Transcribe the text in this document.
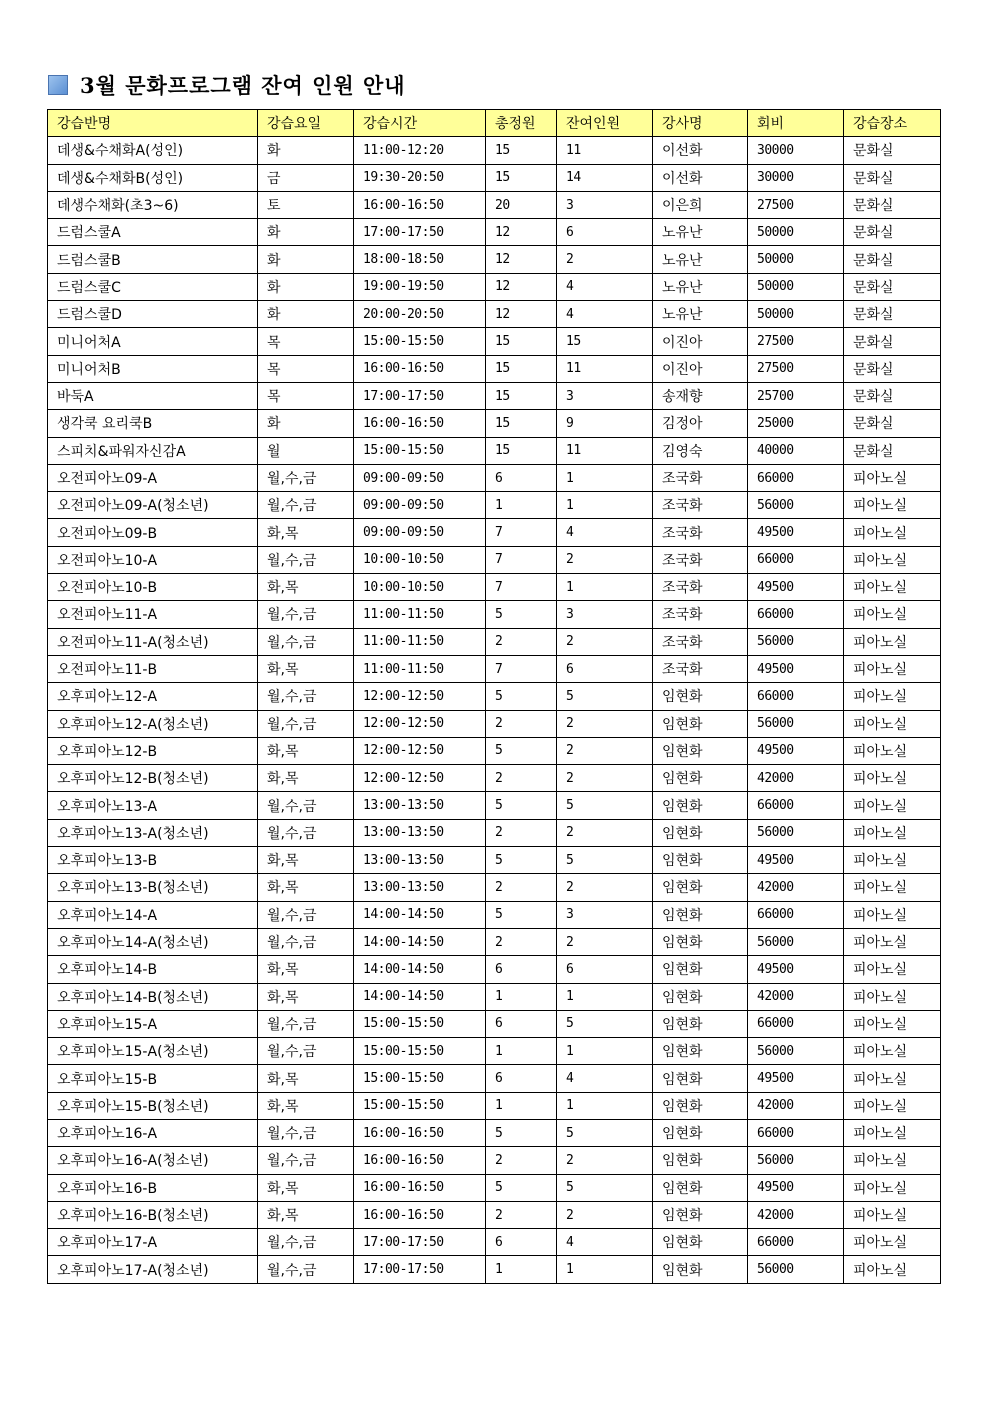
3월 문화프로그램 잔여 인원 안내
강습반명	강습요일	강습시간	총정원	잔여인원	강사명	회비	강습장소
데생&수채화A(성인)	화	11:00-12:20	15	11	이선화	30000	문화실
데생&수채화B(성인)	금	19:30-20:50	15	14	이선화	30000	문화실
데생수채화(초3~6)	토	16:00-16:50	20	3	이은희	27500	문화실
드럼스쿨A	화	17:00-17:50	12	6	노유난	50000	문화실
드럼스쿨B	화	18:00-18:50	12	2	노유난	50000	문화실
드럼스쿨C	화	19:00-19:50	12	4	노유난	50000	문화실
드럼스쿨D	화	20:00-20:50	12	4	노유난	50000	문화실
미니어처A	목	15:00-15:50	15	15	이진아	27500	문화실
미니어처B	목	16:00-16:50	15	11	이진아	27500	문화실
바둑A	목	17:00-17:50	15	3	송재향	25700	문화실
생각쿡 요리쿡B	화	16:00-16:50	15	9	김정아	25000	문화실
스피치&파워자신감A	월	15:00-15:50	15	11	김영숙	40000	문화실
오전피아노09-A	월,수,금	09:00-09:50	6	1	조국화	66000	피아노실
오전피아노09-A(청소년)	월,수,금	09:00-09:50	1	1	조국화	56000	피아노실
오전피아노09-B	화,목	09:00-09:50	7	4	조국화	49500	피아노실
오전피아노10-A	월,수,금	10:00-10:50	7	2	조국화	66000	피아노실
오전피아노10-B	화,목	10:00-10:50	7	1	조국화	49500	피아노실
오전피아노11-A	월,수,금	11:00-11:50	5	3	조국화	66000	피아노실
오전피아노11-A(청소년)	월,수,금	11:00-11:50	2	2	조국화	56000	피아노실
오전피아노11-B	화,목	11:00-11:50	7	6	조국화	49500	피아노실
오후피아노12-A	월,수,금	12:00-12:50	5	5	임현화	66000	피아노실
오후피아노12-A(청소년)	월,수,금	12:00-12:50	2	2	임현화	56000	피아노실
오후피아노12-B	화,목	12:00-12:50	5	2	임현화	49500	피아노실
오후피아노12-B(청소년)	화,목	12:00-12:50	2	2	임현화	42000	피아노실
오후피아노13-A	월,수,금	13:00-13:50	5	5	임현화	66000	피아노실
오후피아노13-A(청소년)	월,수,금	13:00-13:50	2	2	임현화	56000	피아노실
오후피아노13-B	화,목	13:00-13:50	5	5	임현화	49500	피아노실
오후피아노13-B(청소년)	화,목	13:00-13:50	2	2	임현화	42000	피아노실
오후피아노14-A	월,수,금	14:00-14:50	5	3	임현화	66000	피아노실
오후피아노14-A(청소년)	월,수,금	14:00-14:50	2	2	임현화	56000	피아노실
오후피아노14-B	화,목	14:00-14:50	6	6	임현화	49500	피아노실
오후피아노14-B(청소년)	화,목	14:00-14:50	1	1	임현화	42000	피아노실
오후피아노15-A	월,수,금	15:00-15:50	6	5	임현화	66000	피아노실
오후피아노15-A(청소년)	월,수,금	15:00-15:50	1	1	임현화	56000	피아노실
오후피아노15-B	화,목	15:00-15:50	6	4	임현화	49500	피아노실
오후피아노15-B(청소년)	화,목	15:00-15:50	1	1	임현화	42000	피아노실
오후피아노16-A	월,수,금	16:00-16:50	5	5	임현화	66000	피아노실
오후피아노16-A(청소년)	월,수,금	16:00-16:50	2	2	임현화	56000	피아노실
오후피아노16-B	화,목	16:00-16:50	5	5	임현화	49500	피아노실
오후피아노16-B(청소년)	화,목	16:00-16:50	2	2	임현화	42000	피아노실
오후피아노17-A	월,수,금	17:00-17:50	6	4	임현화	66000	피아노실
오후피아노17-A(청소년)	월,수,금	17:00-17:50	1	1	임현화	56000	피아노실
